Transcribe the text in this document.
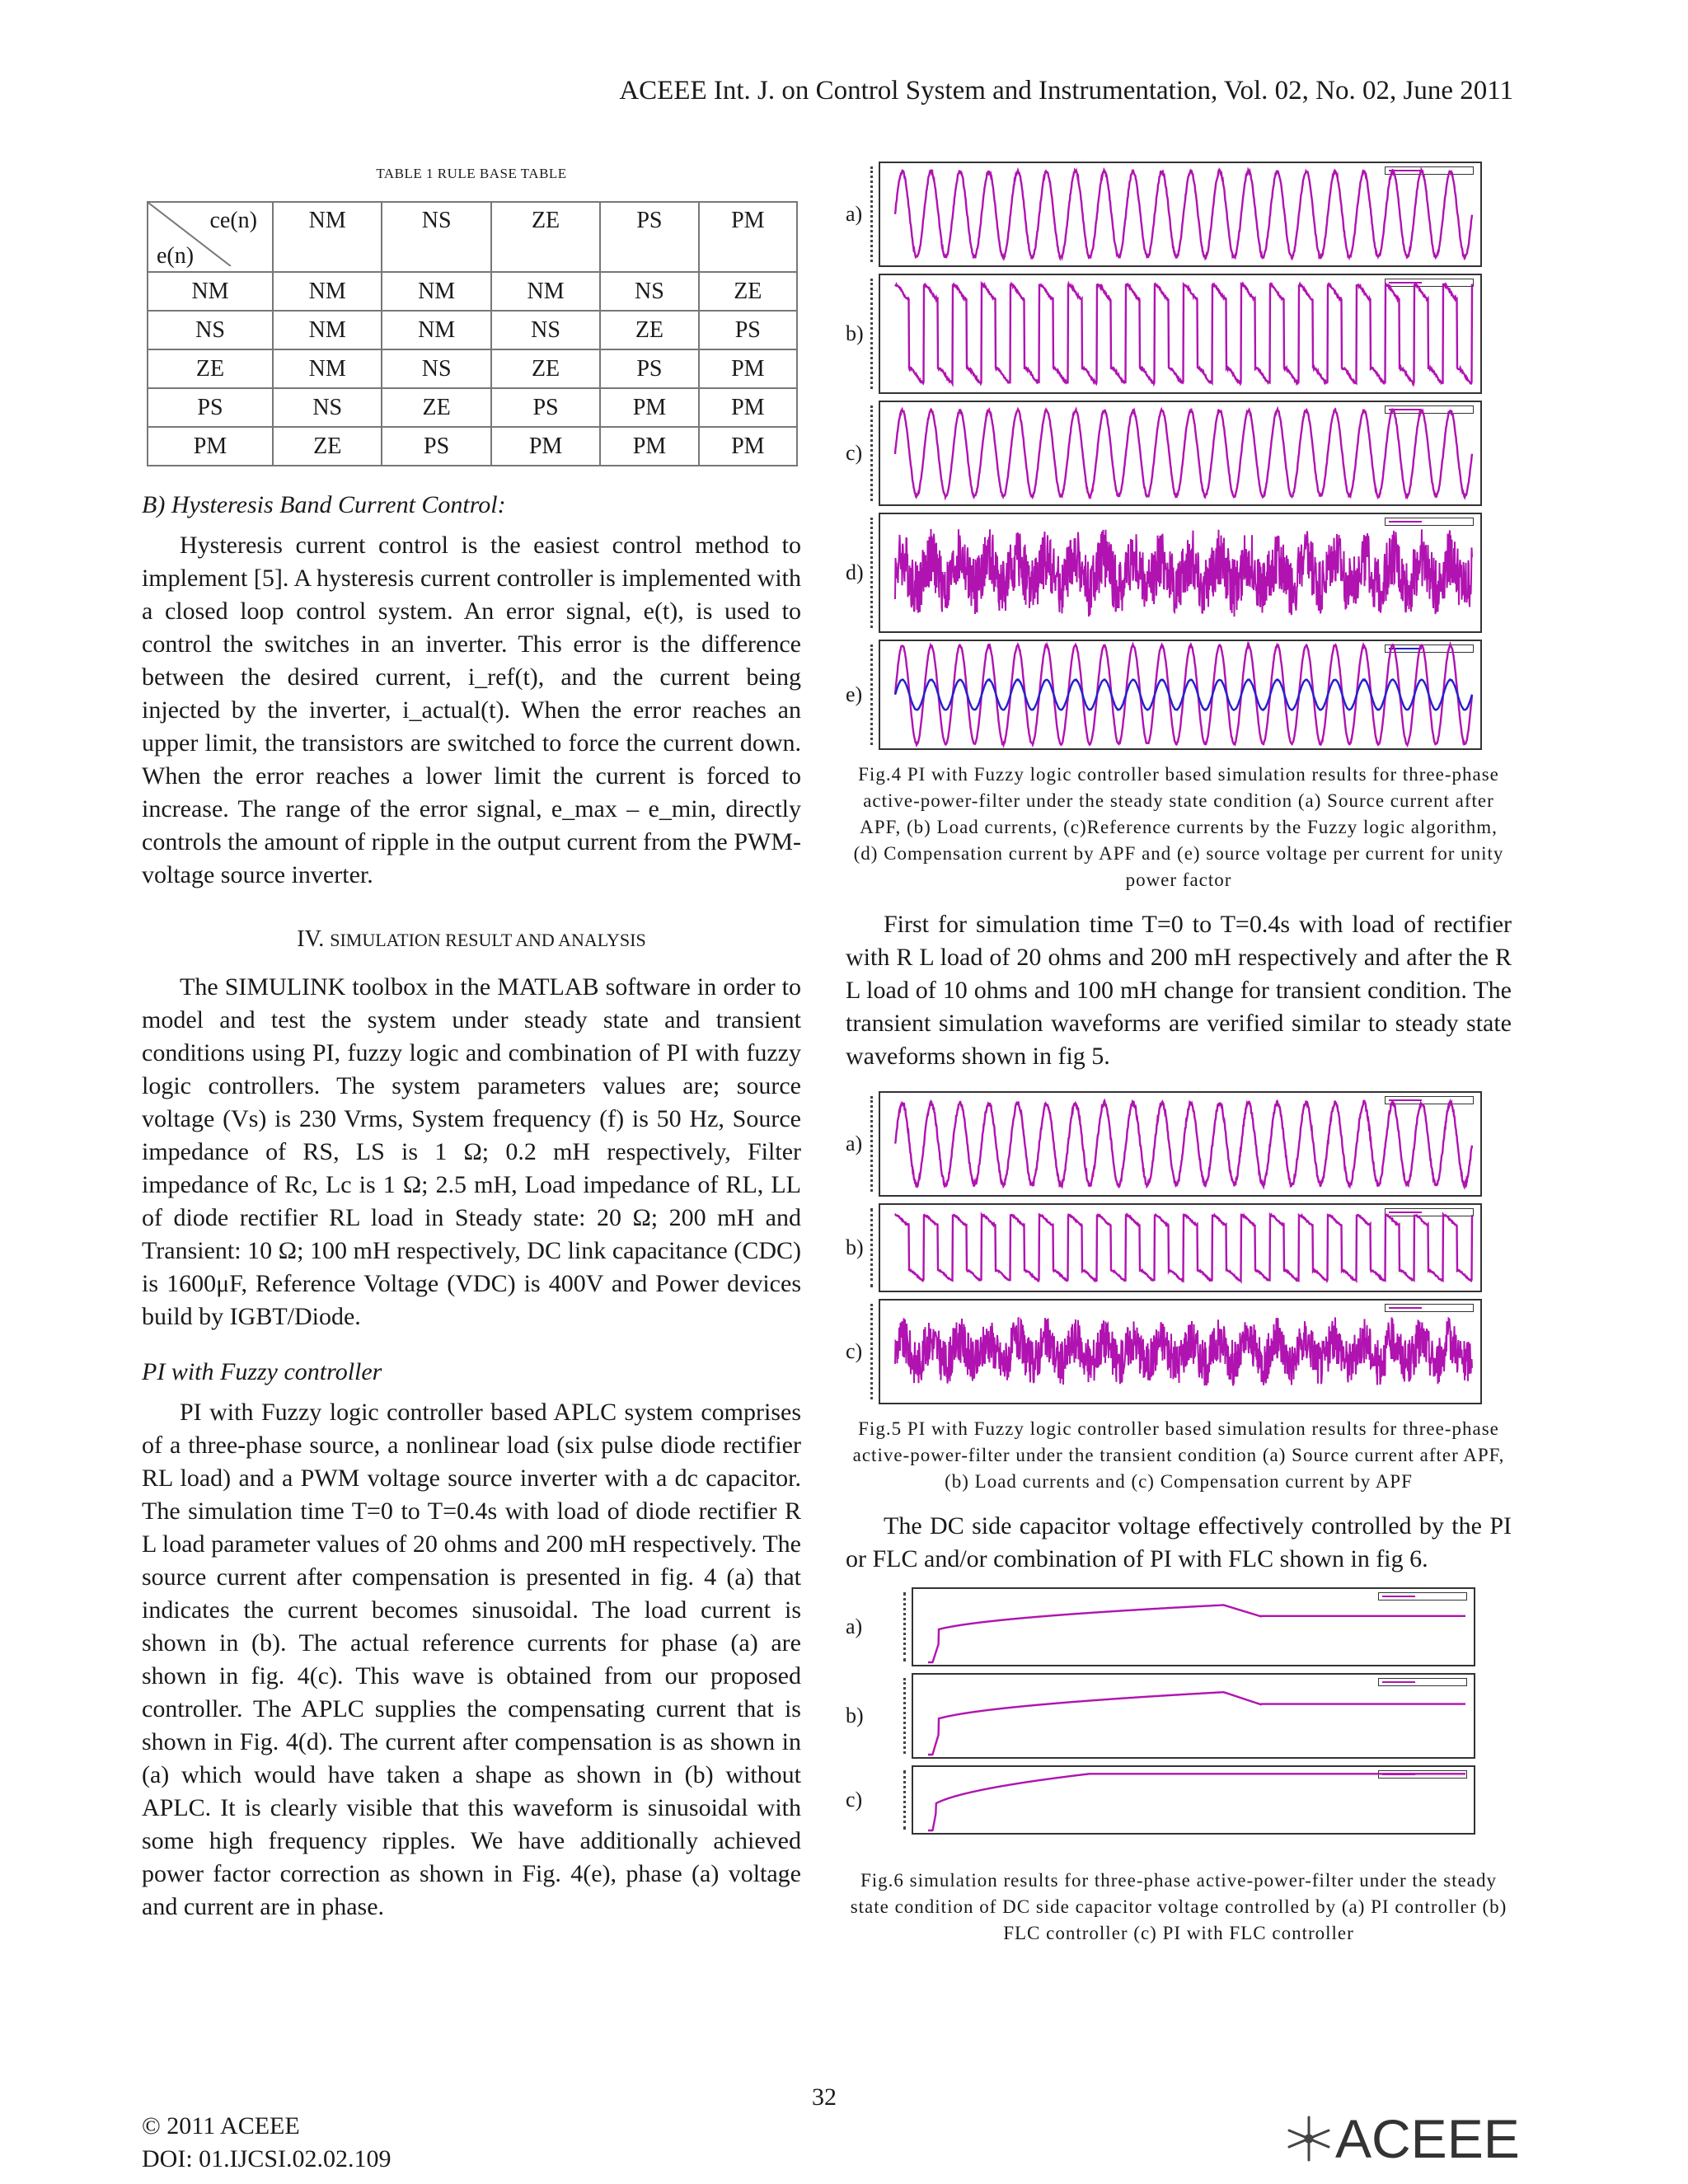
ACEEE Int. J. on Control System and Instrumentation, Vol. 02, No. 02, June 2011
TABLE 1 RULE BASE TABLE
ce(n)
e(n)	NM	NS	ZE	PS	PM
NM	NM	NM	NM	NS	ZE
NS	NM	NM	NS	ZE	PS
ZE	NM	NS	ZE	PS	PM
PS	NS	ZE	PS	PM	PM
PM	ZE	PS	PM	PM	PM
B) Hysteresis Band Current Control:

Hysteresis current control is the easiest control method to implement [5]. A hysteresis current controller is implemented with a closed loop control system. An error signal, e(t), is used to control the switches in an inverter. This error is the difference between the desired current, i_ref(t), and the current being injected by the inverter, i_actual(t). When the error reaches an upper limit, the transistors are switched to force the current down. When the error reaches a lower limit the current is forced to increase. The range of the error signal, e_max – e_min, directly controls the amount of ripple in the output current from the PWM-voltage source inverter.

IV. SIMULATION RESULT AND ANALYSIS

The SIMULINK toolbox in the MATLAB software in order to model and test the system under steady state and transient conditions using PI, fuzzy logic and combination of PI with fuzzy logic controllers. The system parameters values are; source voltage (Vs) is 230 Vrms, System frequency (f) is 50 Hz, Source impedance of RS, LS is 1 Ω; 0.2 mH respectively, Filter impedance of Rc, Lc is 1 Ω; 2.5 mH, Load impedance of RL, LL of diode rectifier RL load in Steady state: 20 Ω; 200 mH and Transient: 10 Ω; 100 mH respectively, DC link capacitance (CDC) is 1600μF, Reference Voltage (VDC) is 400V and Power devices build by IGBT/Diode.

PI with Fuzzy controller

PI with Fuzzy logic controller based APLC system comprises of a three-phase source, a nonlinear load (six pulse diode rectifier RL load) and a PWM voltage source inverter with a dc capacitor. The simulation time T=0 to T=0.4s with load of diode rectifier R L load parameter values of 20 ohms and 200 mH respectively. The source current after compensation is presented in fig. 4 (a) that indicates the current becomes sinusoidal. The load current is shown in (b). The actual reference currents for phase (a) are shown in fig. 4(c). This wave is obtained from our proposed controller. The APLC supplies the compensating current that is shown in Fig. 4(d). The current after compensation is as shown in (a) which would have taken a shape as shown in (b) without APLC. It is clearly visible that this waveform is sinusoidal with some high frequency ripples. We have additionally achieved power factor correction as shown in Fig. 4(e), phase (a) voltage and current are in phase.

a)
b)
c)
d)
e)
Fig.4 PI with Fuzzy logic controller based simulation results for three-phase active-power-filter under the steady state condition (a) Source current after APF, (b) Load currents, (c)Reference currents by the Fuzzy logic algorithm, (d) Compensation current by APF and (e) source voltage per current for unity power factor

First for simulation time T=0 to T=0.4s with load of rectifier with R L load of 20 ohms and 200 mH respectively and after the R L load of 10 ohms and 100 mH change for transient condition. The transient simulation waveforms are verified similar to steady state waveforms shown in fig 5.

a)
b)
c)
Fig.5 PI with Fuzzy logic controller based simulation results for three-phase active-power-filter under the transient condition (a) Source current after APF, (b) Load currents and (c) Compensation current by APF

The DC side capacitor voltage effectively controlled by the PI or FLC and/or combination of PI with FLC shown in fig 6.

a)
b)
c)
Fig.6 simulation results for three-phase active-power-filter under the steady state condition of DC side capacitor voltage controlled by (a) PI controller (b) FLC controller (c) PI with FLC controller
32
© 2011 ACEEE
DOI: 01.IJCSI.02.02.109	ACEEE
